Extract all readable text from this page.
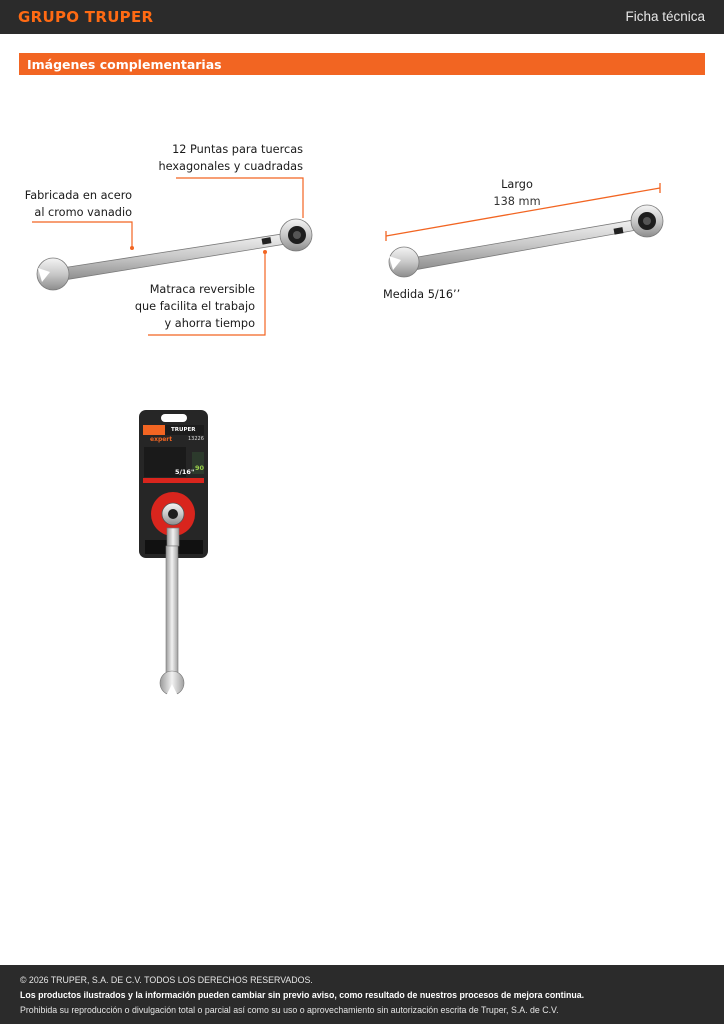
GRUPO TRUPER	Ficha técnica
Imágenes complementarias
TRUPER
13226
expert
5/16" 90
12 Puntas para tuercas
hexagonales y cuadradas
Fabricada en acero
al cromo vanadio
Matraca reversible
que facilita el trabajo
y ahorra tiempo
Largo
138 mm
Medida 5/16’’
© 2026 TRUPER, S.A. DE C.V. TODOS LOS DERECHOS RESERVADOS.
Los productos ilustrados y la información pueden cambiar sin previo aviso, como resultado de nuestros procesos de mejora continua.
Prohibida su reproducción o divulgación total o parcial así como su uso o aprovechamiento sin autorización escrita de Truper, S.A. de C.V.
